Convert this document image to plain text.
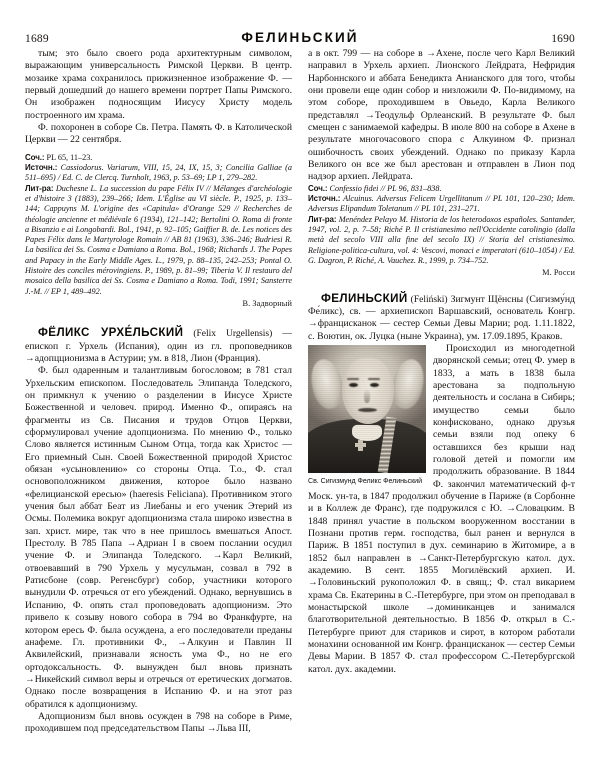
1689	ФЕЛИНЬСКИЙ	1690

тым; это было своего рода архитектурным символом, выражающим универсальность Римской Церкви. В центр. мозаике храма сохранилось прижизненное изображение Ф. — первый дошедший до нашего времени портрет Папы Римского. Он изображен подносящим Иисусу Христу модель построенного им храма.

Ф. похоронен в соборе Св. Петра. Память Ф. в Католической Церкви — 22 сентября.

Соч.: PL 65, 11–23.

Источн.: Cassiodorus. Variarum, VIII, 15, 24, IX, 15, 3; Concilia Galliae (a 511–695) / Ed. C. de Clercq. Turnholt, 1963, p. 53–69; LP 1, 279–282.

Лит-ра: Duchesne L. La succession du pape Félix IV // Mélanges d'archéologie et d'histoire 3 (1883), 239–266; Idem. L'Église au VI siècle. P., 1925, p. 133–144; Cappuyns M. L'origine des «Capitula» d'Orange 529 // Recherches de théologie ancienne et médiévale 6 (1934), 121–142; Bertolini O. Roma di fronte a Bisanzio e ai Longobardi. Bol., 1941, p. 92–105; Gaiffier B. de. Les notices des Papes Félix dans le Martyrologe Romain // AB 81 (1963), 336–246; Budriesi R. La basilica dei Ss. Cosma e Damiano a Roma. Bol., 1968; Richards J. The Popes and Papacy in the Early Middle Ages. L., 1979, p. 88–135, 242–253; Pontal O. Histoire des conciles mérovingiens. P., 1989, p. 81–99; Tiberia V. Il restauro del mosaico della basilica dei Ss. Cosma e Damiano a Roma. Todi, 1991; Sansterre J.-M. // EP 1, 489–492.

В. Задворный

ФЁЛИКС УРХЕ́ЛЬСКИЙ (Felix Urgellensis) — епископ г. Урхель (Испания), один из гл. проповедников →адопцционизма в Астурии; ум. в 818, Лион (Франция).

Ф. был одаренным и талантливым богословом; в 781 стал Урхельским епископом. Последователь Элипанда Толедского, он примкнул к учению о разделении в Иисусе Христе Божественной и человеч. природ. Именно Ф., опираясь на фрагменты из Св. Писания и трудов Отцов Церкви, сформулировал учение адопционизма. По мнению Ф., только Слово является истинным Сыном Отца, тогда как Христос — Его приемный Сын. Своей Божественной природой Христос обязан «усыновлению» со стороны Отца. Т.о., Ф. стал основоположником движения, которое было названо «фелицианской ересью» (haeresis Feliciana). Противником этого учения был аббат Беат из Лиебаны и его ученик Этерий из Осмы. Полемика вокруг адопционизма стала широко известна в зап. христ. мире, так что в нее пришлось вмешаться Апост. Престолу. В 785 Папа →Адриан I в своем послании осудил учение Ф. и Элипанда Толедского. →Карл Великий, отвоевавший в 790 Урхель у мусульман, созвал в 792 в Ратисбоне (совр. Регенсбург) собор, участники которого вынудили Ф. отречься от его убеждений. Однако, вернувшись в Испанию, Ф. опять стал проповедовать адопционизм. Это привело к созыву нового собора в 794 во Франкфурте, на котором ересь Ф. была осуждена, а его последователи преданы анафеме. Гл. противники Ф., →Алкуин и Павлин II Аквилейский, признавали ясность ума Ф., но не его ортодоксальность. Ф. вынужден был вновь признать →Никейский символ веры и отречься от еретических догматов. Однако после возвращения в Испанию Ф. и на этот раз обратился к адопционизму.

Адопционизм был вновь осужден в 798 на соборе в Риме, проходившем под председательством Папы →Льва III,

а в окт. 799 — на соборе в →Ахене, после чего Карл Великий направил в Урхель архиеп. Лионского Лейдрата, Нефридия Нарбоннского и аббата Бенедикта Анианского для того, чтобы они провели еще один собор и низложили Ф. По-видимому, на этом соборе, проходившем в Овьедо, Карла Великого представлял →Теодульф Орлеанский. В результате Ф. был смещен с занимаемой кафедры. В июле 800 на соборе в Ахене в результате многочасового спора с Алкуином Ф. признал ошибочность своих убеждений. Однако по приказу Карла Великого он все же был арестован и отправлен в Лион под надзор архиеп. Лейдрата.

Соч.: Confessio fidei // PL 96, 831–838.

Источн.: Alcuinus. Adversus Felicem Urgellitanum // PL 101, 120–230; Idem. Adversus Elipandum Toletanum // PL 101, 231–271.

Лит-ра: Menéndez Pelayo M. Historia de los heterodoxos españoles. Santander, 1947, vol. 2, p. 7–58; Riché P. Il cristianesimo nell'Occidente carolingio (dalla metà del secolo VIII alla fine del secolo IX) // Storia del cristianesimo. Religione-politica-cultura, vol. 4: Vescovi, monaci e imperatori (610–1054) / Ed. G. Dagron, P. Riché, A. Vauchez. R., 1999, p. 734–752.

М. Росси

ФЕЛИНЬСКИЙ (Feliński) Зигмунт Щёнсны (Сигизму́нд Фе́ликс), св. — архиепископ Варшавский, основатель Конгр. →францисканок — сестер Семьи Девы Марии; род. 1.11.1822, с. Воютин, ок. Луцка (ныне Украина), ум. 17.09.1895, Краков.

Св. Сигизмунд Феликс Фелиньский

Происходил из многодетной дворянской семьи; отец Ф. умер в 1833, а мать в 1838 была арестована за подпольную деятельность и сослана в Сибирь; имущество семьи было конфисковано, однако друзья семьи взяли под опеку 6 оставшихся без крыши над головой детей и помогли им продолжить образование. В 1844 Ф. закончил математический ф-т Моск. ун-та, в 1847 продолжил обучение в Париже (в Сорбонне и в Коллеж де Франс), где подружился с Ю. →Словацким. В 1848 принял участие в польском вооруженном восстании в Познани против герм. господства, был ранен и вернулся в Париж. В 1851 поступил в дух. семинарию в Житомире, а в 1852 был направлен в →Санкт-Петербургскую катол. дух. академию. В сент. 1855 Могилёвский архиеп. И. →Головиньский рукоположил Ф. в свящ.; Ф. стал викарием храма Св. Екатерины в С.-Петербурге, при этом он преподавал в монастырской школе →доминиканцев и занимался благотворительной деятельностью. В 1856 Ф. открыл в С.-Петербурге приют для стариков и сирот, в котором работали монахини основанной им Конгр. францисканок — сестер Семьи Девы Марии. В 1857 Ф. стал профессором С.-Петербургской катол. дух. академии.
